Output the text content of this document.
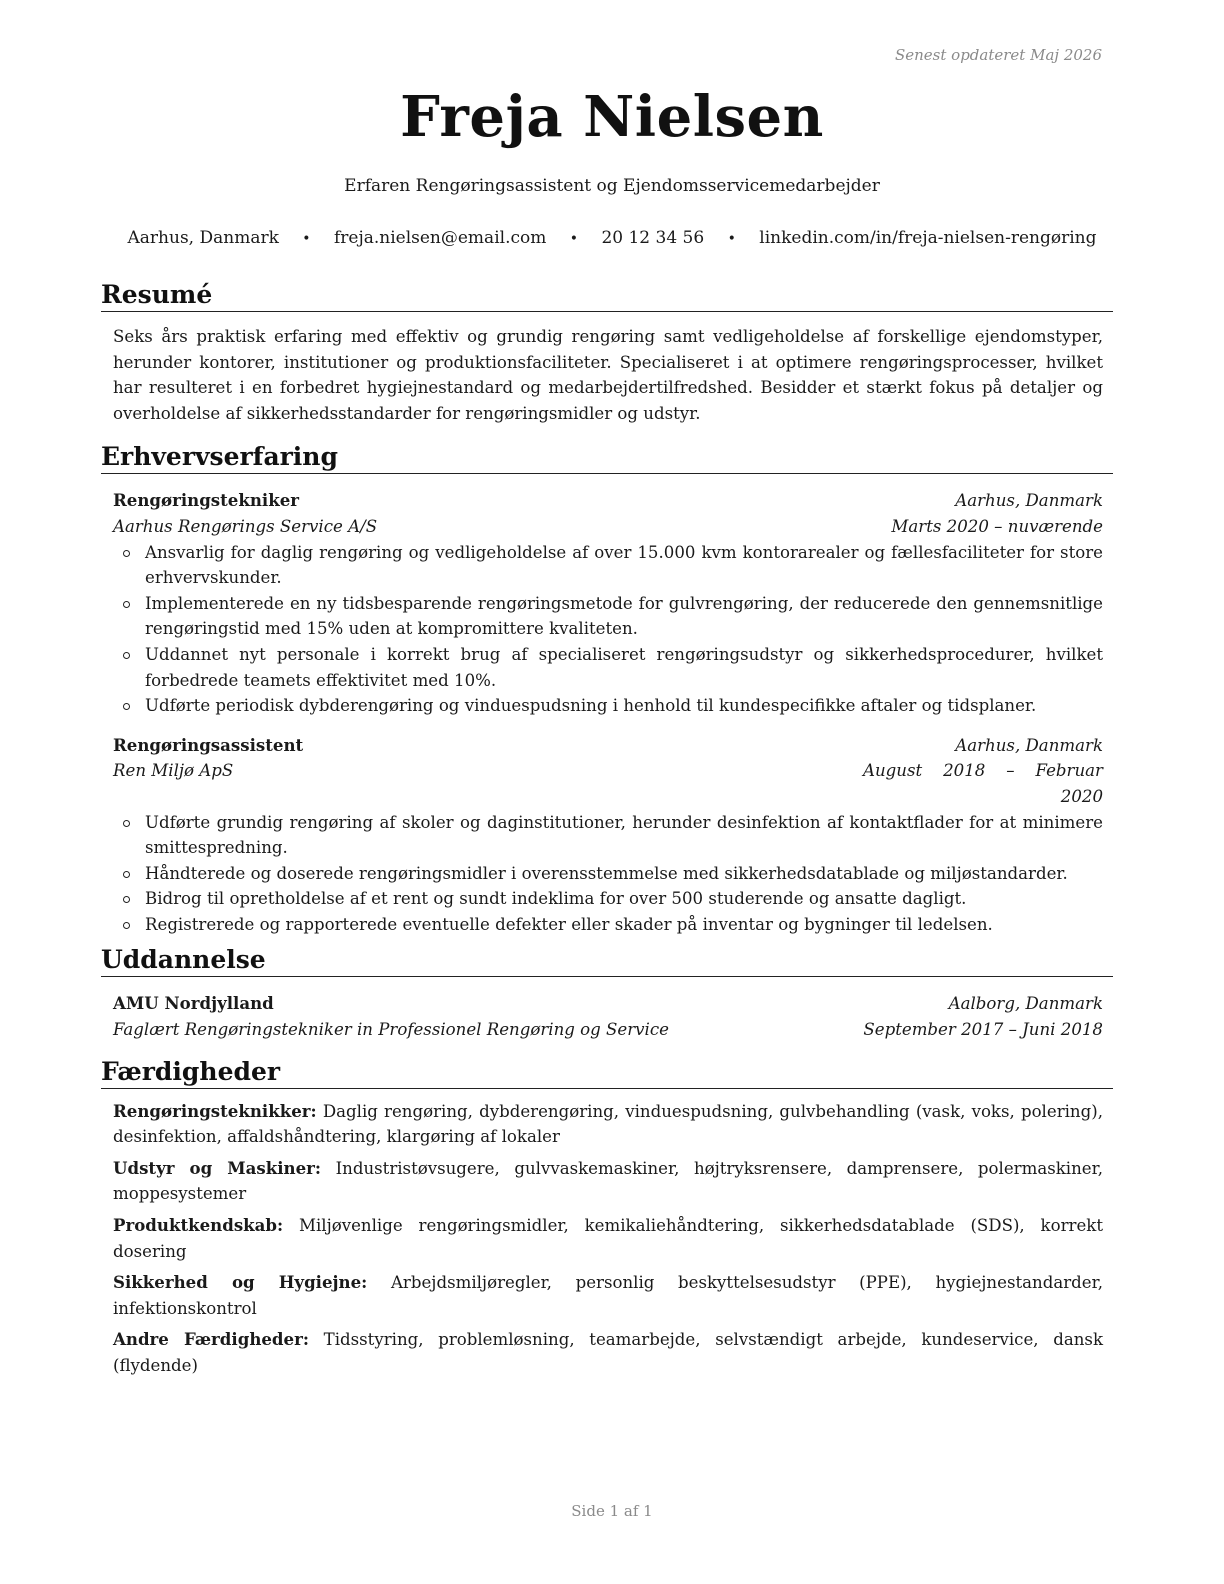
Senest opdateret Maj 2026
Freja Nielsen
Erfaren Rengøringsassistent og Ejendomsservicemedarbejder
Aarhus, Danmark • freja.nielsen@email.com • 20 12 34 56 • linkedin.com/in/freja-nielsen-rengøring
Resumé
Seks års praktisk erfaring med effektiv og grundig rengøring samt vedligeholdelse af forskellige ejendomstyper, herunder kontorer, institutioner og produktionsfaciliteter. Specialiseret i at optimere rengøringsprocesser, hvilket har resulteret i en forbedret hygiejnestandard og medarbejdertilfredshed. Besidder et stærkt fokus på detaljer og overholdelse af sikkerhedsstandarder for rengøringsmidler og udstyr.
Erhvervserfaring
Rengøringstekniker	Aarhus, Danmark
Aarhus Rengørings Service A/S	Marts 2020 – nuværende
Ansvarlig for daglig rengøring og vedligeholdelse af over 15.000 kvm kontorarealer og fællesfaciliteter for store erhvervskunder.
Implementerede en ny tidsbesparende rengøringsmetode for gulvrengøring, der reducerede den gennemsnitlige rengøringstid med 15% uden at kompromittere kvaliteten.
Uddannet nyt personale i korrekt brug af specialiseret rengøringsudstyr og sikkerhedsprocedurer, hvilket forbedrede teamets effektivitet med 10%.
Udførte periodisk dybderengøring og vinduespudsning i henhold til kundespecifikke aftaler og tidsplaner.
Rengøringsassistent	Aarhus, Danmark
Ren Miljø ApS	August 2018 – Februar 2020
Udførte grundig rengøring af skoler og daginstitutioner, herunder desinfektion af kontaktflader for at minimere smittespredning.
Håndterede og doserede rengøringsmidler i overensstemmelse med sikkerhedsdatablade og miljøstandarder.
Bidrog til opretholdelse af et rent og sundt indeklima for over 500 studerende og ansatte dagligt.
Registrerede og rapporterede eventuelle defekter eller skader på inventar og bygninger til ledelsen.
Uddannelse
AMU Nordjylland	Aalborg, Danmark
Faglært Rengøringstekniker in Professionel Rengøring og Service	September 2017 – Juni 2018
Færdigheder
Rengøringsteknikker: Daglig rengøring, dybderengøring, vinduespudsning, gulvbehandling (vask, voks, polering), desinfektion, affaldshåndtering, klargøring af lokaler
Udstyr og Maskiner: Industristøvsugere, gulvvaskemaskiner, højtryksrensere, damprensere, polermaskiner, moppesystemer
Produktkendskab: Miljøvenlige rengøringsmidler, kemikaliehåndtering, sikkerhedsdatablade (SDS), korrekt dosering
Sikkerhed og Hygiejne: Arbejdsmiljøregler, personlig beskyttelsesudstyr (PPE), hygiejnestandarder, infektionskontrol
Andre Færdigheder: Tidsstyring, problemløsning, teamarbejde, selvstændigt arbejde, kundeservice, dansk (flydende)
Side 1 af 1
